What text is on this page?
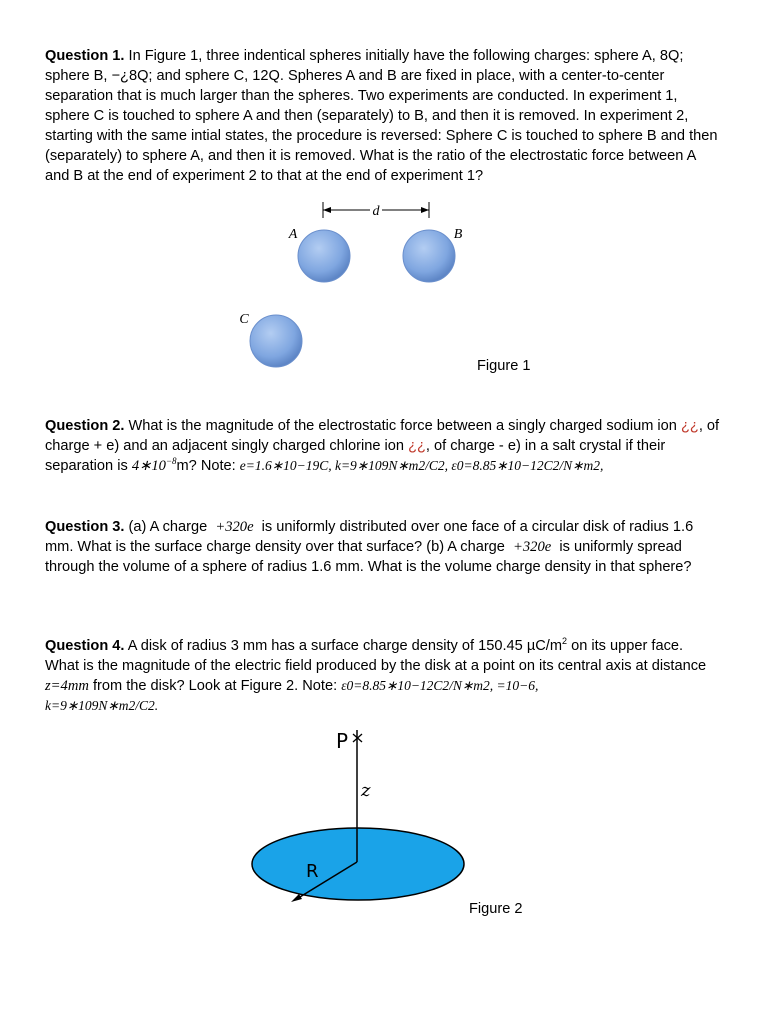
Question 1. In Figure 1, three indentical spheres initially have the following charges: sphere A, 8Q; sphere B, −¿8Q; and sphere C, 12Q. Spheres A and B are fixed in place, with a center-to-center separation that is much larger than the spheres. Two experiments are conducted. In experiment 1, sphere C is touched to sphere A and then (separately) to B, and then it is removed. In experiment 2, starting with the same intial states, the procedure is reversed: Sphere C is touched to sphere B and then (separately) to sphere A, and then it is removed. What is the ratio of the electrostatic force between A and B at the end of experiment 2 to that at the end of experiment 1?
d
A	B
C
Figure 1
Question 2. What is the magnitude of the electrostatic force between a singly charged sodium ion ¿¿, of charge + e) and an adjacent singly charged chlorine ion ¿¿, of charge - e) in a salt crystal if their separation is $4∗10^{-8}m$? Note: e=1.6∗10−19C, k=9∗109N∗m2/C2, ε0=8.85∗10−12C2/N∗m2,
Question 3. (a) A charge +320e is uniformly distributed over one face of a circular disk of radius 1.6 mm. What is the surface charge density over that surface? (b) A charge +320e is uniformly spread through the volume of a sphere of radius 1.6 mm. What is the volume charge density in that sphere?
Question 4. A disk of radius 3 mm has a surface charge density of 150.45 $\mu C/m^2$ on its upper face. What is the magnitude of the electric field produced by the disk at a point on its central axis at distance z=4mm from the disk? Look at Figure 2. Note: ε0=8.85∗10−12C2/N∗m2, =10−6,
k=9∗109N∗m2/C2.
P
z
R
Figure 2
